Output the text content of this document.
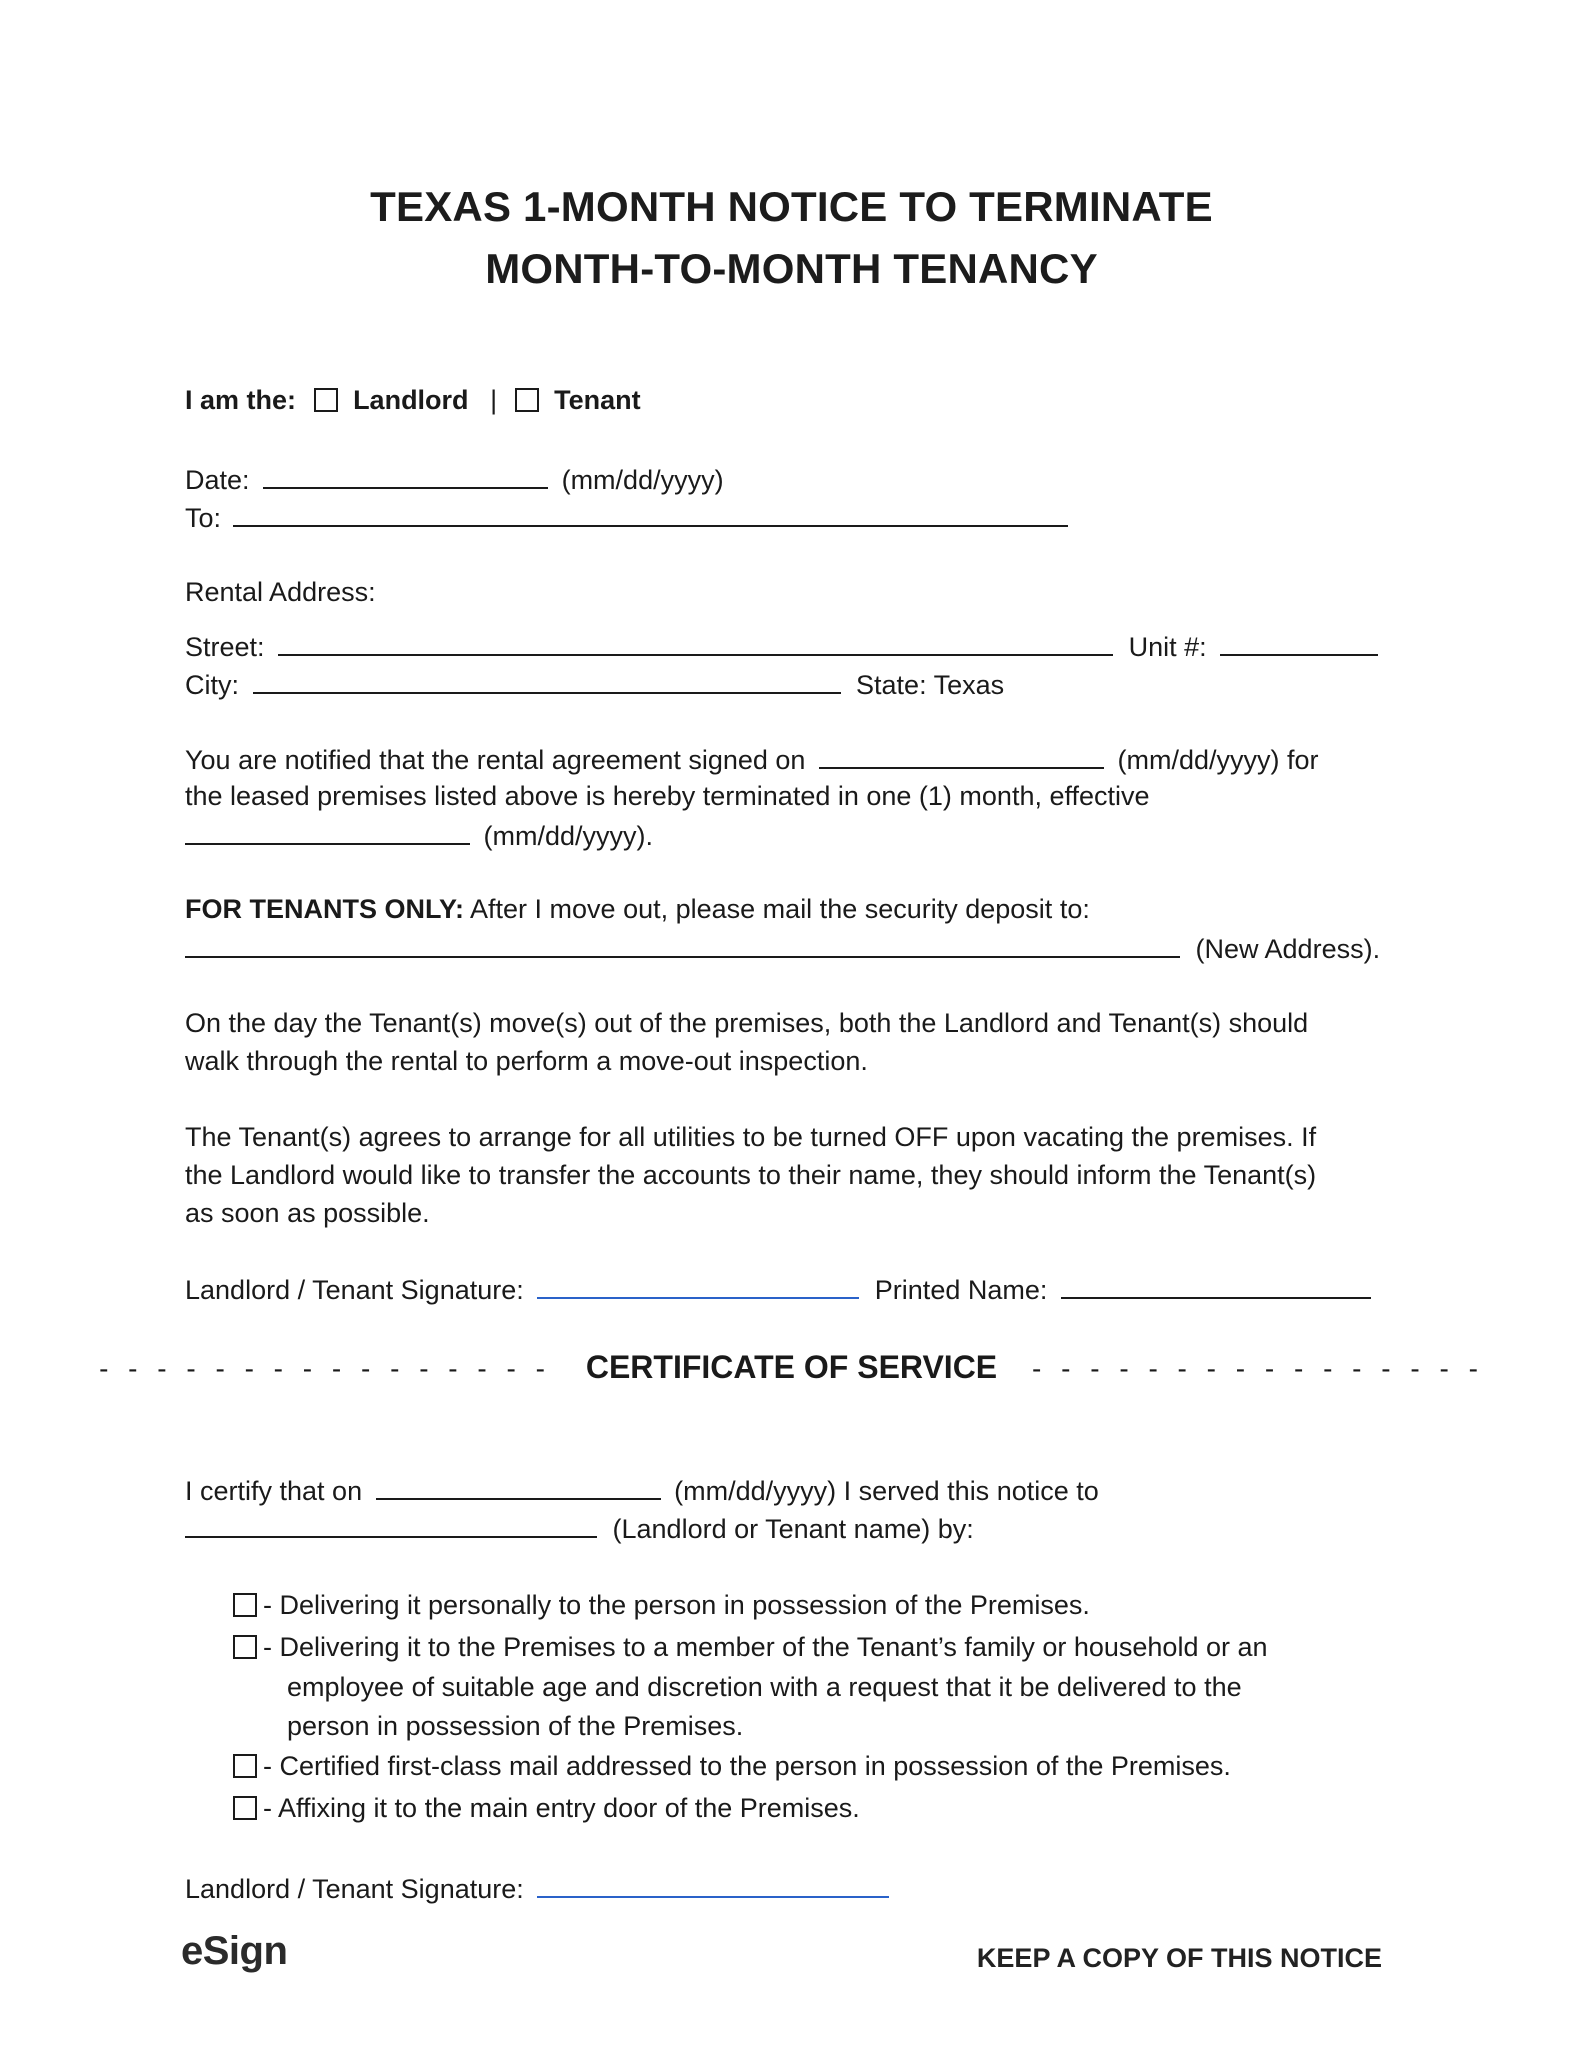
TEXAS 1-MONTH NOTICE TO TERMINATE
MONTH-TO-MONTH TENANCY
I am the: Landlord | Tenant
Date:	(mm/dd/yyyy)
To:
Rental Address:
Street:	Unit #:
City:	State: Texas
You are notified that the rental agreement signed on	(mm/dd/yyyy) for
the leased premises listed above is hereby terminated in one (1) month, effective
(mm/dd/yyyy).
FOR TENANTS ONLY: After I move out, please mail the security deposit to:
(New Address).
On the day the Tenant(s) move(s) out of the premises, both the Landlord and Tenant(s) should
walk through the rental to perform a move-out inspection.
The Tenant(s) agrees to arrange for all utilities to be turned OFF upon vacating the premises. If
the Landlord would like to transfer the accounts to their name, they should inform the Tenant(s)
as soon as possible.
Landlord / Tenant Signature:	Printed Name:
- - - - - - - - - - - - - - - - CERTIFICATE OF SERVICE - - - - - - - - - - - - - - - -
I certify that on	(mm/dd/yyyy) I served this notice to
(Landlord or Tenant name) by:
- Delivering it personally to the person in possession of the Premises.
- Delivering it to the Premises to a member of the Tenant’s family or household or an
employee of suitable age and discretion with a request that it be delivered to the
person in possession of the Premises.
- Certified first-class mail addressed to the person in possession of the Premises.
- Affixing it to the main entry door of the Premises.
Landlord / Tenant Signature:
eSign	KEEP A COPY OF THIS NOTICE
